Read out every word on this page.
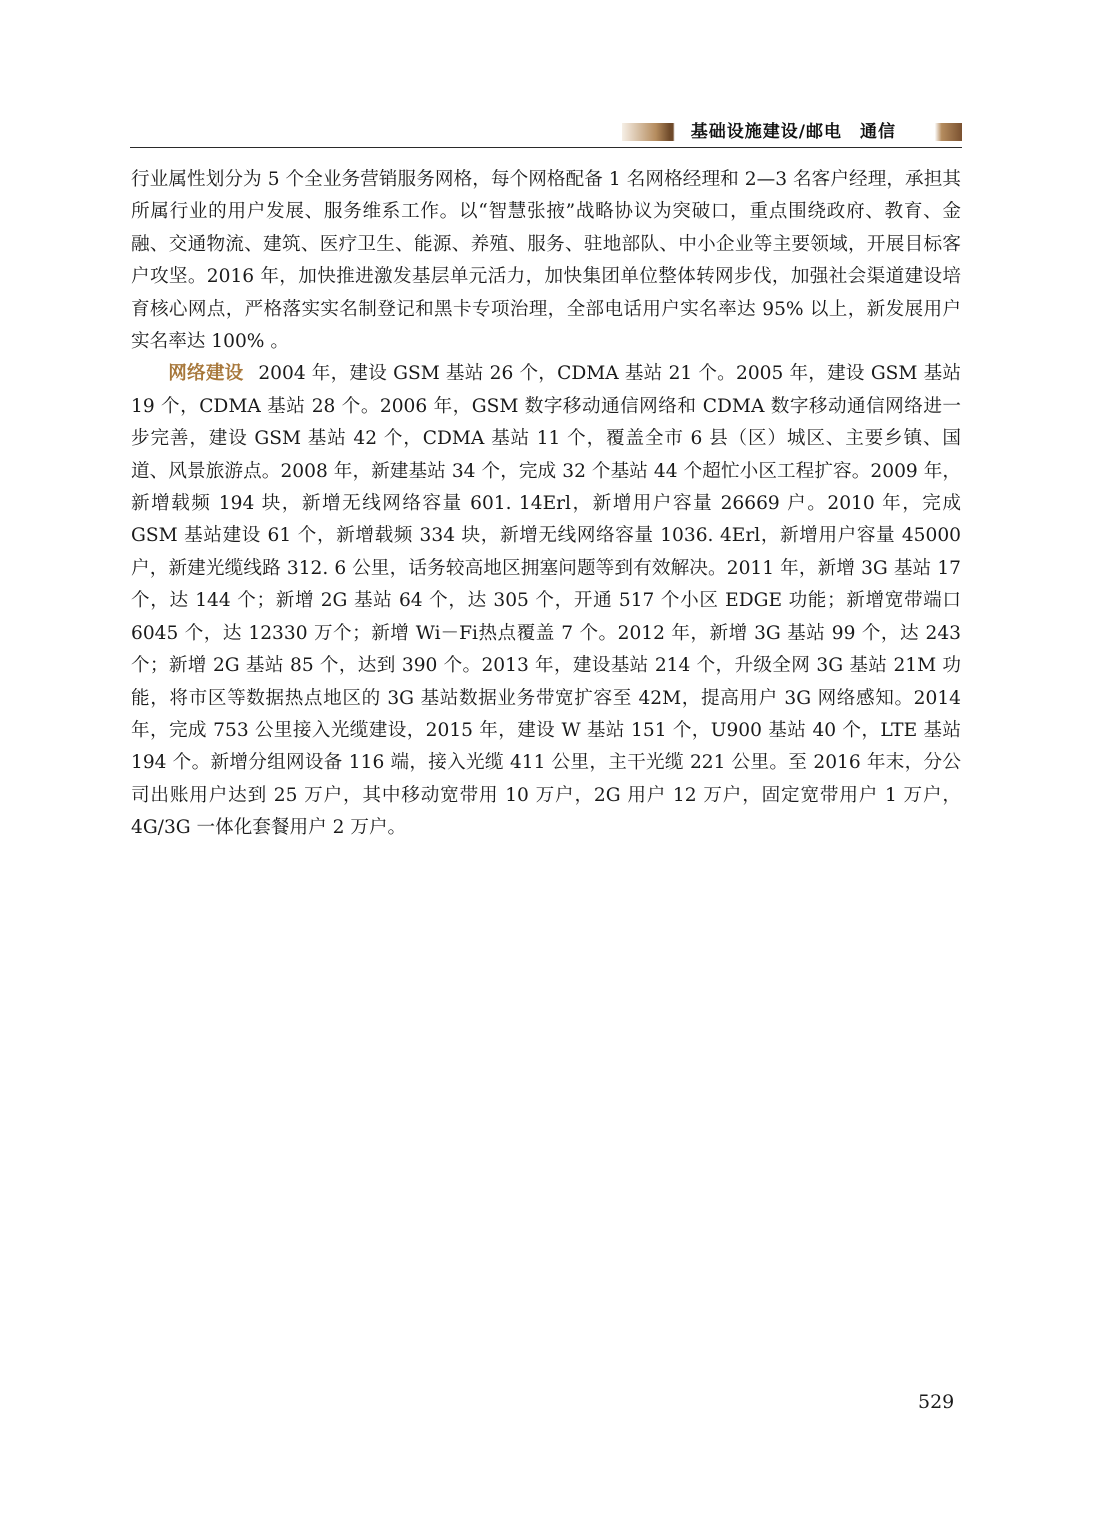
基础设施建设/邮电　通信

行业属性划分为 5 个全业务营销服务网格，每个网格配备 1 名网格经理和 2—3 名客户经理，承担其所属行业的用户发展、服务维系工作。以“智慧张掖”战略协议为突破口，重点围绕政府、教育、金融、交通物流、建筑、医疗卫生、能源、养殖、服务、驻地部队、中小企业等主要领域，开展目标客户攻坚。2016 年，加快推进激发基层单元活力，加快集团单位整体转网步伐，加强社会渠道建设培育核心网点，严格落实实名制登记和黑卡专项治理，全部电话用户实名率达 95% 以上，新发展用户实名率达 100% 。

网络建设 2004 年，建设 GSM 基站 26 个，CDMA 基站 21 个。2005 年，建设 GSM 基站 19 个，CDMA 基站 28 个。2006 年，GSM 数字移动通信网络和 CDMA 数字移动通信网络进一步完善，建设 GSM 基站 42 个，CDMA 基站 11 个，覆盖全市 6 县（区）城区、主要乡镇、国道、风景旅游点。2008 年，新建基站 34 个，完成 32 个基站 44 个超忙小区工程扩容。2009 年，新增载频 194 块，新增无线网络容量 601. 14Erl，新增用户容量 26669 户。2010 年，完成 GSM 基站建设 61 个，新增载频 334 块，新增无线网络容量 1036. 4Erl，新增用户容量 45000 户，新建光缆线路 312. 6 公里，话务较高地区拥塞问题等到有效解决。2011 年，新增 3G 基站 17 个，达 144 个；新增 2G 基站 64 个，达 305 个，开通 517 个小区 EDGE 功能；新增宽带端口 6045 个，达 12330 万个；新增 Wi－Fi热点覆盖 7 个。2012 年，新增 3G 基站 99 个，达 243 个；新增 2G 基站 85 个，达到 390 个。2013 年，建设基站 214 个，升级全网 3G 基站 21M 功能，将市区等数据热点地区的 3G 基站数据业务带宽扩容至 42M，提高用户 3G 网络感知。2014 年，完成 753 公里接入光缆建设，2015 年，建设 W 基站 151 个，U900 基站 40 个，LTE 基站 194 个。新增分组网设备 116 端，接入光缆 411 公里，主干光缆 221 公里。至 2016 年末，分公司出账用户达到 25 万户，其中移动宽带用 10 万户，2G 用户 12 万户，固定宽带用户 1 万户，4G/3G 一体化套餐用户 2 万户。

529
